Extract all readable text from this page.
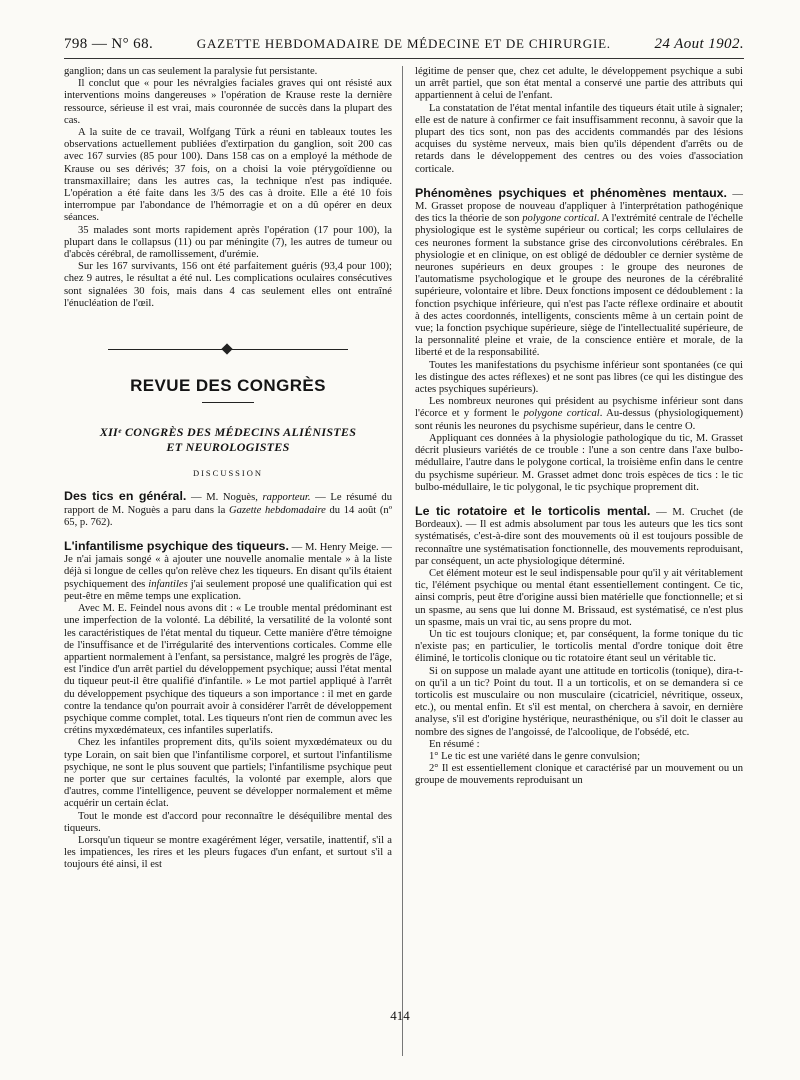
798 — N° 68.	GAZETTE HEBDOMADAIRE DE MÉDECINE ET DE CHIRURGIE.	24 Aout 1902.

ganglion; dans un cas seulement la paralysie fut persistante.

Il conclut que « pour les névralgies faciales graves qui ont résisté aux interventions moins dangereuses » l'opération de Krause reste la dernière ressource, sérieuse il est vrai, mais couronnée de succès dans la plupart des cas.

A la suite de ce travail, Wolfgang Türk a réuni en tableaux toutes les observations actuellement publiées d'extirpation du ganglion, soit 200 cas avec 167 survies (85 pour 100). Dans 158 cas on a employé la méthode de Krause ou ses dérivés; 37 fois, on a choisi la voie ptérygoïdienne ou transmaxillaire; dans les autres cas, la technique n'est pas indiquée. L'opération a été faite dans les 3/5 des cas à droite. Elle a été 10 fois interrompue par l'abondance de l'hémorragie et on a dû opérer en deux séances.

35 malades sont morts rapidement après l'opération (17 pour 100), la plupart dans le collapsus (11) ou par méningite (7), les autres de tumeur ou d'abcès cérébral, de ramollissement, d'urémie.

Sur les 167 survivants, 156 ont été parfaitement guéris (93,4 pour 100); chez 9 autres, le résultat a été nul. Les complications oculaires consécutives sont signalées 30 fois, mais dans 4 cas seulement elles ont entraîné l'énucléation de l'œil.

REVUE DES CONGRÈS
XIIᵉ CONGRÈS DES MÉDECINS ALIÉNISTES
ET NEUROLOGISTES
DISCUSSION

Des tics en général. — M. Noguès, rapporteur. — Le résumé du rapport de M. Noguès a paru dans la Gazette hebdomadaire du 14 août (nº 65, p. 762).

L'infantilisme psychique des tiqueurs. — M. Henry Meige. — Je n'ai jamais songé « à ajouter une nouvelle anomalie mentale » à la liste déjà si longue de celles qu'on relève chez les tiqueurs. En disant qu'ils étaient psychiquement des infantiles j'ai seulement proposé une qualification qui est peut-être en même temps une explication.

Avec M. E. Feindel nous avons dit : « Le trouble mental prédominant est une imperfection de la volonté. La débilité, la versatilité de la volonté sont les caractéristiques de l'état mental du tiqueur. Cette manière d'être témoigne de l'insuffisance et de l'irrégularité des interventions corticales. Comme elle appartient normalement à l'enfant, sa persistance, malgré les progrès de l'âge, est l'indice d'un arrêt partiel du développement psychique; aussi l'état mental du tiqueur peut-il être qualifié d'infantile. » Le mot partiel appliqué à l'arrêt du développement psychique des tiqueurs a son importance : il met en garde contre la tendance qu'on pourrait avoir à considérer l'arrêt de développement psychique comme complet, total. Les tiqueurs n'ont rien de commun avec les crétins myxœdémateux, ces infantiles superlatifs.

Chez les infantiles proprement dits, qu'ils soient myxœdémateux ou du type Lorain, on sait bien que l'infantilisme corporel, et surtout l'infantilisme psychique, ne sont le plus souvent que partiels; l'infantilisme psychique peut ne porter que sur certaines facultés, la volonté par exemple, alors que d'autres, comme l'intelligence, peuvent se développer normalement et même acquérir un certain éclat.

Tout le monde est d'accord pour reconnaître le déséquilibre mental des tiqueurs.

Lorsqu'un tiqueur se montre exagérément léger, versatile, inattentif, s'il a les impatiences, les rires et les pleurs fugaces d'un enfant, et surtout s'il a toujours été ainsi, il est

légitime de penser que, chez cet adulte, le développement psychique a subi un arrêt partiel, que son état mental a conservé une partie des attributs qui appartiennent à celui de l'enfant.

La constatation de l'état mental infantile des tiqueurs était utile à signaler; elle est de nature à confirmer ce fait insuffisamment reconnu, à savoir que la plupart des tics sont, non pas des accidents commandés par des lésions acquises du système nerveux, mais bien qu'ils dépendent d'arrêts ou de retards dans le développement des centres ou des voies d'association corticale.

Phénomènes psychiques et phénomènes mentaux. — M. Grasset propose de nouveau d'appliquer à l'interprétation pathogénique des tics la théorie de son polygone cortical. A l'extrémité centrale de l'échelle physiologique est le système supérieur ou cortical; les corps cellulaires de ces neurones forment la substance grise des circonvolutions cérébrales. En physiologie et en clinique, on est obligé de dédoubler ce dernier système de neurones supérieurs en deux groupes : le groupe des neurones de l'automatisme psychologique et le groupe des neurones de la cérébralité supérieure, volontaire et libre. Deux fonctions imposent ce dédoublement : la fonction psychique inférieure, qui n'est pas l'acte réflexe ordinaire et aboutit à des actes coordonnés, intelligents, conscients même à un certain point de vue; la fonction psychique supérieure, siège de l'intellectualité supérieure, de la personnalité pleine et vraie, de la conscience entière et morale, de la liberté et de la responsabilité.

Toutes les manifestations du psychisme inférieur sont spontanées (ce qui les distingue des actes réflexes) et ne sont pas libres (ce qui les distingue des actes psychiques supérieurs).

Les nombreux neurones qui président au psychisme inférieur sont dans l'écorce et y forment le polygone cortical. Au-dessus (physiologiquement) sont réunis les neurones du psychisme supérieur, dans le centre O.

Appliquant ces données à la physiologie pathologique du tic, M. Grasset décrit plusieurs variétés de ce trouble : l'une a son centre dans l'axe bulbo-médullaire, l'autre dans le polygone cortical, la troisième enfin dans le centre du psychisme supérieur. M. Grasset admet donc trois espèces de tics : le tic bulbo-médullaire, le tic polygonal, le tic psychique proprement dit.

Le tic rotatoire et le torticolis mental. — M. Cruchet (de Bordeaux). — Il est admis absolument par tous les auteurs que les tics sont systématisés, c'est-à-dire sont des mouvements où il est toujours possible de reconnaître une systématisation fonctionnelle, des mouvements reproduisant, par conséquent, un acte physiologique déterminé.

Cet élément moteur est le seul indispensable pour qu'il y ait véritablement tic, l'élément psychique ou mental étant essentiellement contingent. Ce tic, ainsi compris, peut être d'origine aussi bien matérielle que fonctionnelle; et si un spasme, au sens que lui donne M. Brissaud, est systématisé, ce n'est plus un spasme, mais un vrai tic, au sens propre du mot.

Un tic est toujours clonique; et, par conséquent, la forme tonique du tic n'existe pas; en particulier, le torticolis mental d'ordre tonique doit être éliminé, le torticolis clonique ou tic rotatoire étant seul un véritable tic.

Si on suppose un malade ayant une attitude en torticolis (tonique), dira-t-on qu'il a un tic? Point du tout. Il a un torticolis, et on se demandera si ce torticolis est musculaire ou non musculaire (cicatriciel, névritique, osseux, etc.), ou mental enfin. Et s'il est mental, on cherchera à savoir, en dernière analyse, s'il est d'origine hystérique, neurasthénique, ou s'il doit le classer au nombre des signes de l'angoissé, de l'alcoolique, de l'obsédé, etc.

En résumé :

1° Le tic est une variété dans le genre convulsion;

2° Il est essentiellement clonique et caractérisé par un mouvement ou un groupe de mouvements reproduisant un

414
